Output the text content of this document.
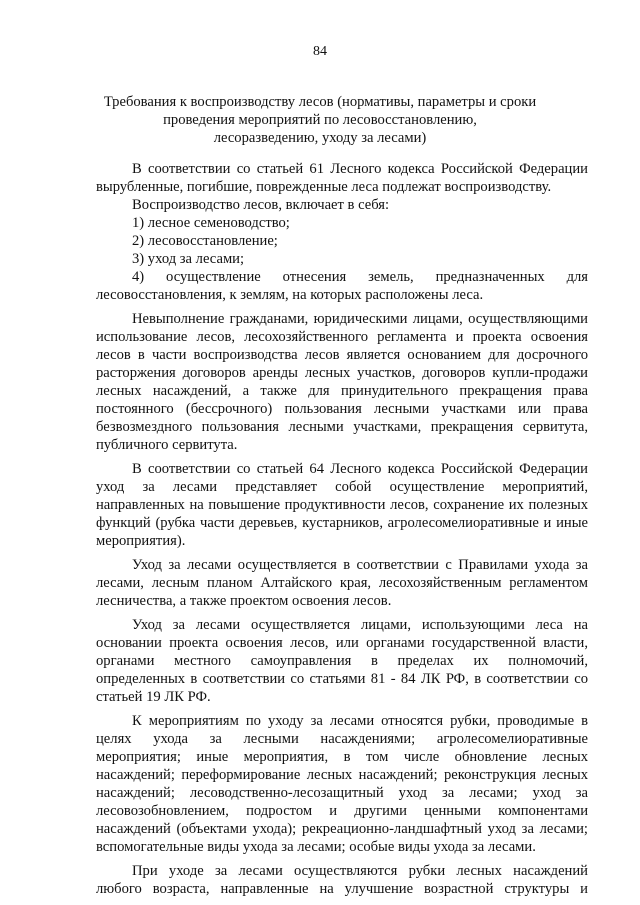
84
Требования к воспроизводству лесов (нормативы, параметры и сроки
проведения мероприятий по лесовосстановлению,
лесоразведению, уходу за лесами)
В соответствии со статьей 61 Лесного кодекса Российской Федерации
вырубленные, погибшие, поврежденные леса подлежат воспроизводству.
Воспроизводство лесов, включает в себя:
1) лесное семеноводство;
2) лесовосстановление;
3) уход за лесами;
4) осуществление отнесения земель, предназначенных для
лесовосстановления, к землям, на которых расположены леса.
Невыполнение гражданами, юридическими лицами, осуществляющими
использование лесов, лесохозяйственного регламента и проекта освоения
лесов в части воспроизводства лесов является основанием для досрочного
расторжения договоров аренды лесных участков, договоров купли-продажи
лесных насаждений, а также для принудительного прекращения права
постоянного (бессрочного) пользования лесными участками или права
безвозмездного пользования лесными участками, прекращения сервитута,
публичного сервитута.
В соответствии со статьей 64 Лесного кодекса Российской Федерации
уход за лесами представляет собой осуществление мероприятий,
направленных на повышение продуктивности лесов, сохранение их полезных
функций (рубка части деревьев, кустарников, агролесомелиоративные и иные
мероприятия).
Уход за лесами осуществляется в соответствии с Правилами ухода за
лесами, лесным планом Алтайского края, лесохозяйственным регламентом
лесничества, а также проектом освоения лесов.
Уход за лесами осуществляется лицами, использующими леса на
основании проекта освоения лесов, или органами государственной власти,
органами местного самоуправления в пределах их полномочий,
определенных в соответствии со статьями 81 - 84 ЛК РФ, в соответствии со
статьей 19 ЛК РФ.
К мероприятиям по уходу за лесами относятся рубки, проводимые в
целях ухода за лесными насаждениями; агролесомелиоративные
мероприятия; иные мероприятия, в том числе обновление лесных
насаждений; переформирование лесных насаждений; реконструкция лесных
насаждений; лесоводственно-лесозащитный уход за лесами; уход за
лесовозобновлением, подростом и другими ценными компонентами
насаждений (объектами ухода); рекреационно-ландшафтный уход за лесами;
вспомогательные виды ухода за лесами; особые виды ухода за лесами.
При уходе за лесами осуществляются рубки лесных насаждений
любого возраста, направленные на улучшение возрастной структуры и
